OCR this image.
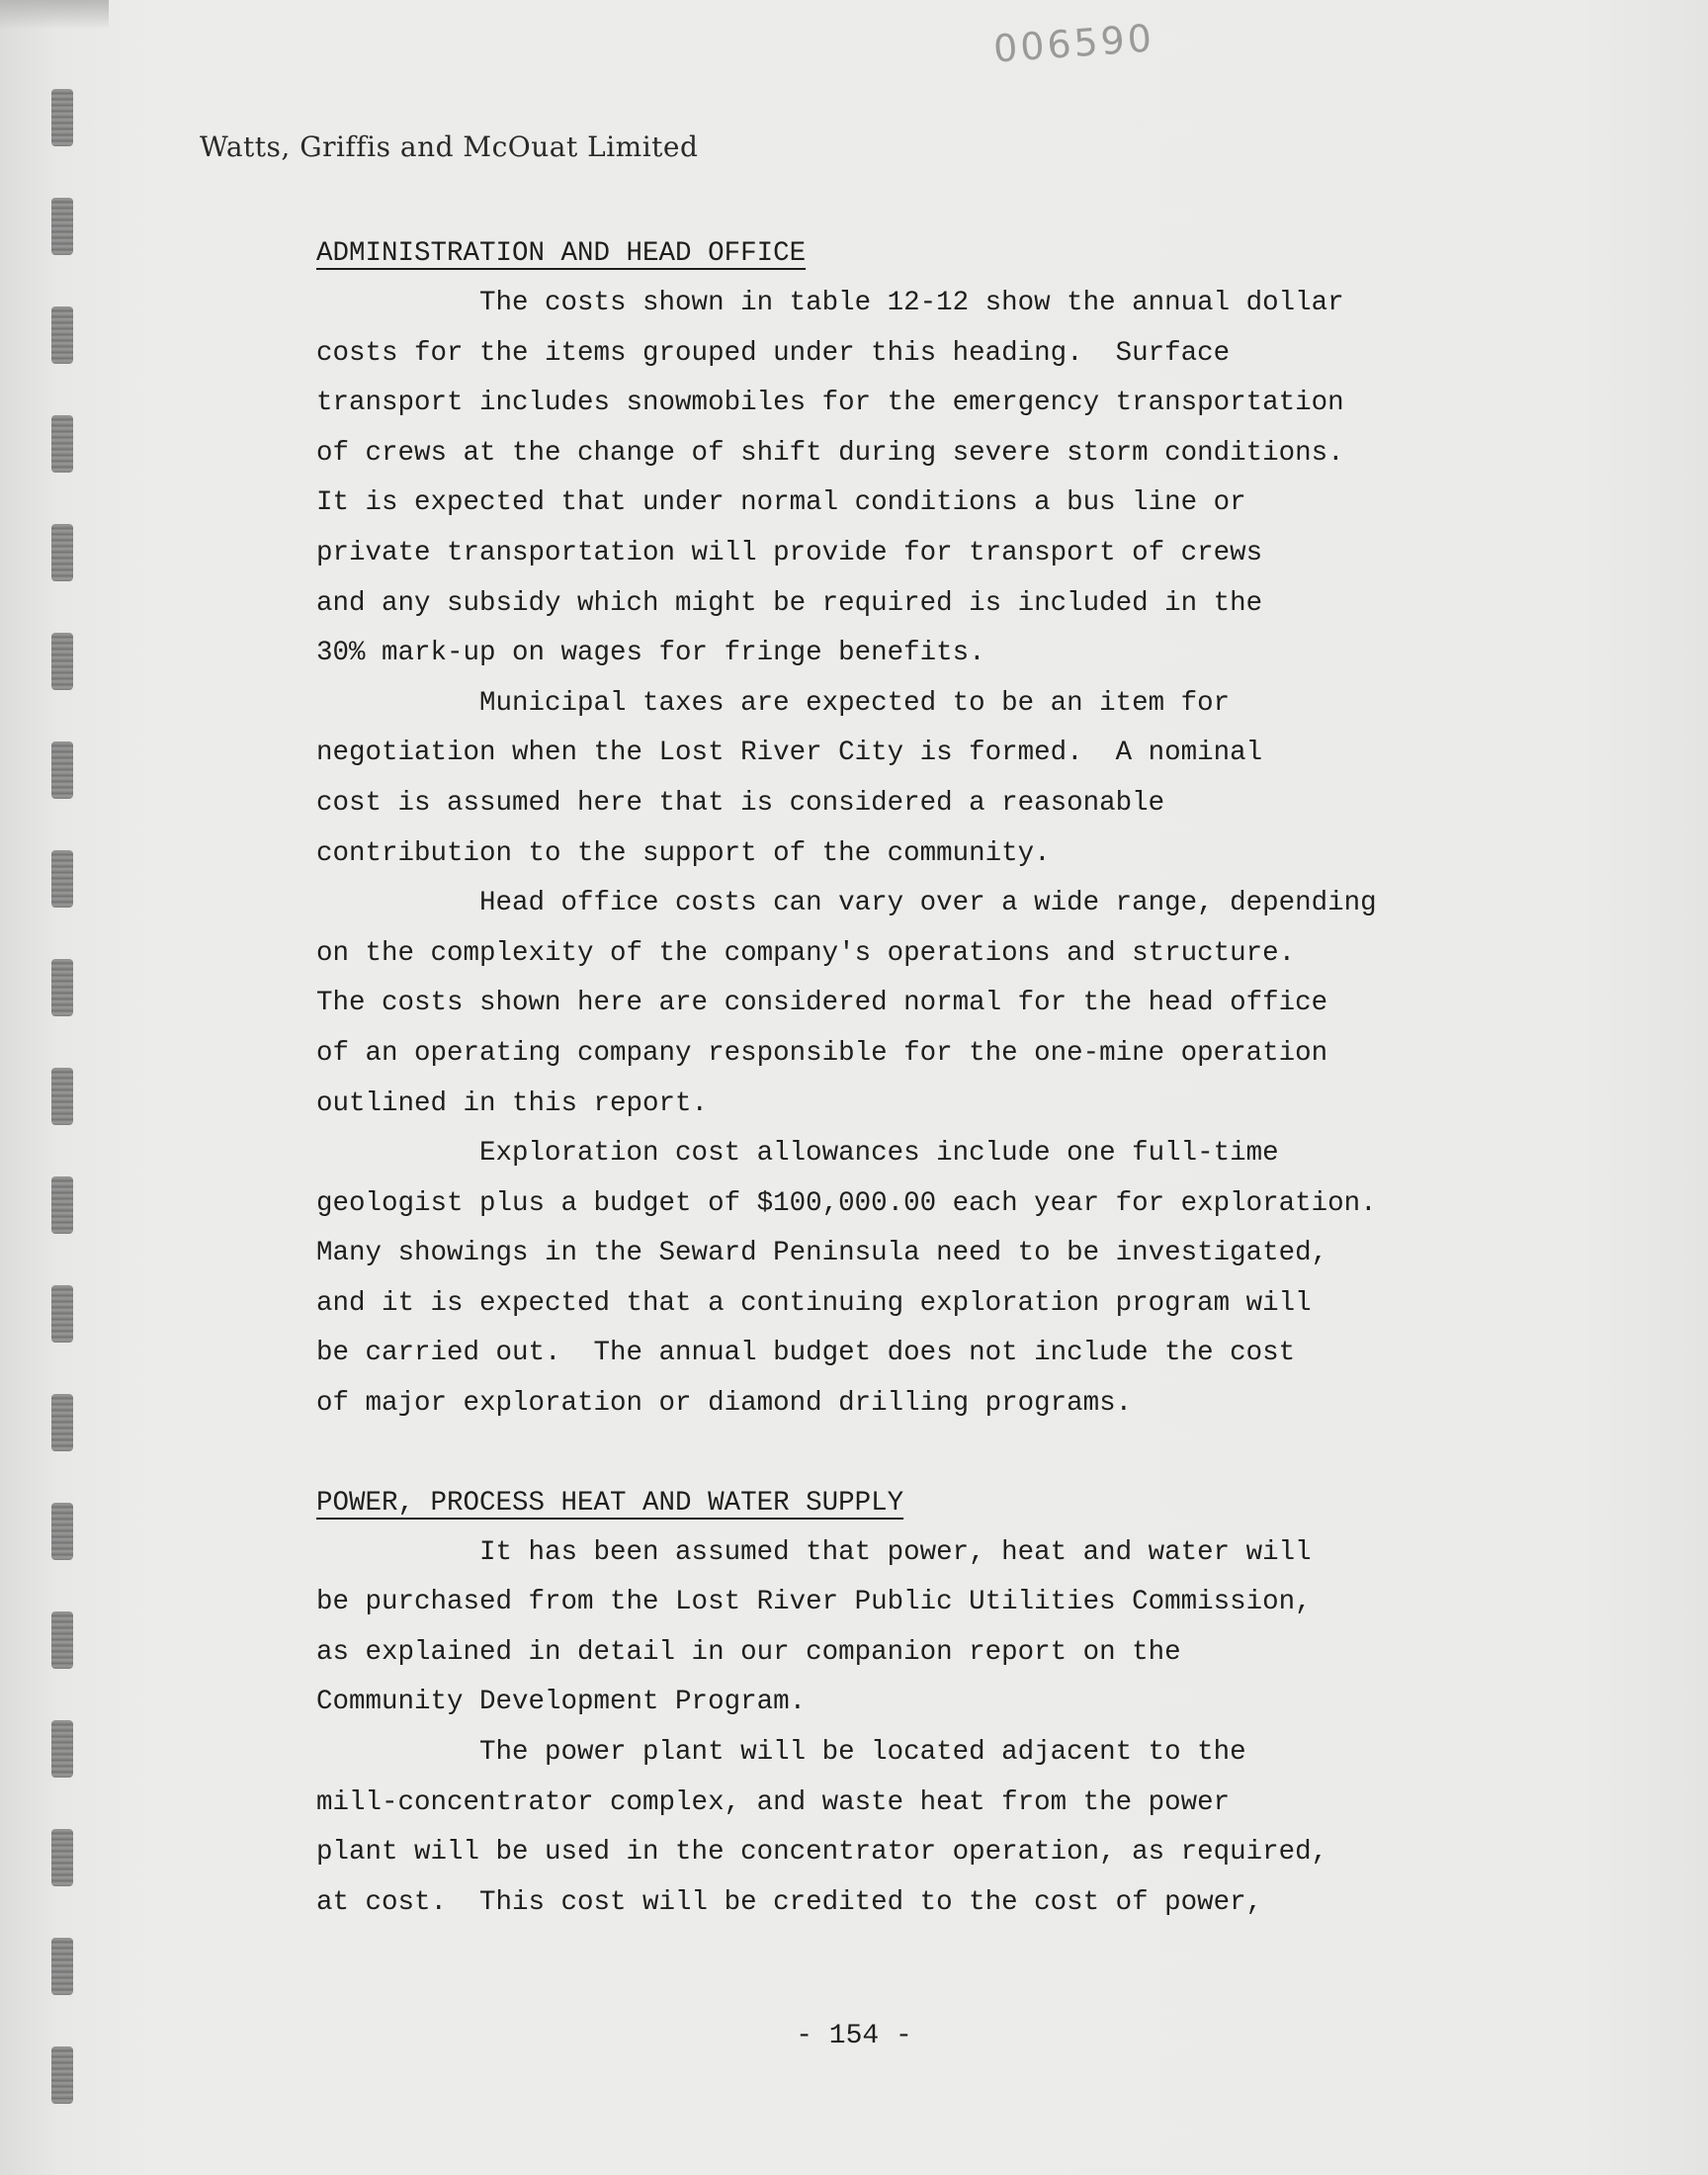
006590
Watts, Griffis and McOuat Limited
ADMINISTRATION AND HEAD OFFICE
The costs shown in table 12-12 show the annual dollar
costs for the items grouped under this heading.  Surface
transport includes snowmobiles for the emergency transportation
of crews at the change of shift during severe storm conditions.
It is expected that under normal conditions a bus line or
private transportation will provide for transport of crews
and any subsidy which might be required is included in the
30% mark-up on wages for fringe benefits.
Municipal taxes are expected to be an item for
negotiation when the Lost River City is formed.  A nominal
cost is assumed here that is considered a reasonable
contribution to the support of the community.
Head office costs can vary over a wide range, depending
on the complexity of the company's operations and structure.
The costs shown here are considered normal for the head office
of an operating company responsible for the one-mine operation
outlined in this report.
Exploration cost allowances include one full-time
geologist plus a budget of $100,000.00 each year for exploration.
Many showings in the Seward Peninsula need to be investigated,
and it is expected that a continuing exploration program will
be carried out.  The annual budget does not include the cost
of major exploration or diamond drilling programs.
POWER, PROCESS HEAT AND WATER SUPPLY
It has been assumed that power, heat and water will
be purchased from the Lost River Public Utilities Commission,
as explained in detail in our companion report on the
Community Development Program.
The power plant will be located adjacent to the
mill-concentrator complex, and waste heat from the power
plant will be used in the concentrator operation, as required,
at cost.  This cost will be credited to the cost of power,
- 154 -
